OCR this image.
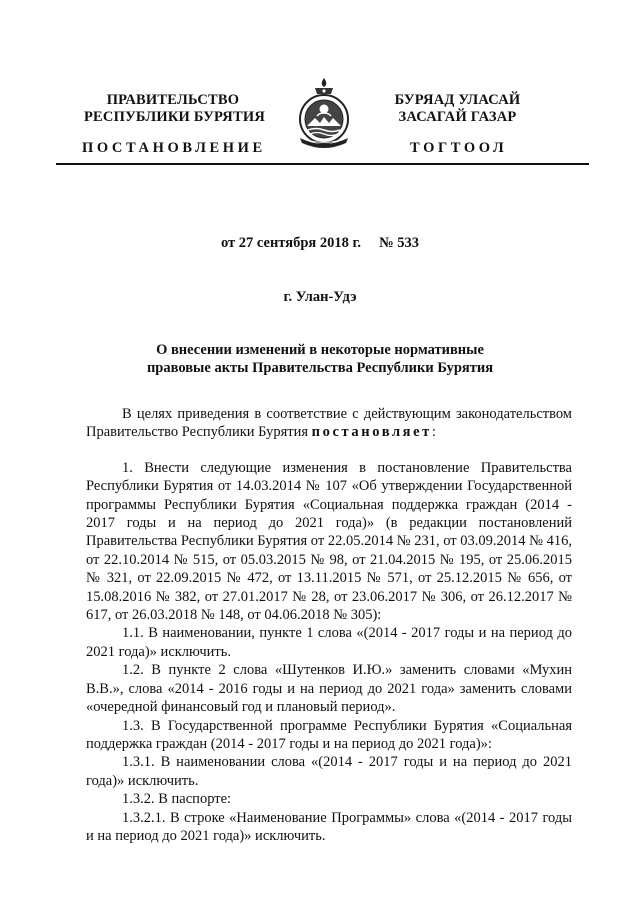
ПРАВИТЕЛЬСТВО
РЕСПУБЛИКИ БУРЯТИЯ
БУРЯАД УЛАСАЙ
ЗАСАГАЙ ГАЗАР
ПОСТАНОВЛЕНИЕ	ТОГТООЛ
от 27 сентября 2018 г. № 533
г. Улан-Удэ
О внесении изменений в некоторые нормативные
правовые акты Правительства Республики Бурятия

В целях приведения в соответствие с действующим законодательством Правительство Республики Бурятия постановляет:

1. Внести следующие изменения в постановление Правительства Республики Бурятия от 14.03.2014 № 107 «Об утверждении Государственной программы Республики Бурятия «Социальная поддержка граждан (2014 - 2017 годы и на период до 2021 года)» (в редакции постановлений Правительства Республики Бурятия от 22.05.2014 № 231, от 03.09.2014 № 416, от 22.10.2014 № 515, от 05.03.2015 № 98, от 21.04.2015 № 195, от 25.06.2015 № 321, от 22.09.2015 № 472, от 13.11.2015 № 571, от 25.12.2015 № 656, от 15.08.2016 № 382, от 27.01.2017 № 28, от 23.06.2017 № 306, от 26.12.2017 № 617, от 26.03.2018 № 148, от 04.06.2018 № 305):

1.1. В наименовании, пункте 1 слова «(2014 - 2017 годы и на период до 2021 года)» исключить.

1.2. В пункте 2 слова «Шутенков И.Ю.» заменить словами «Мухин В.В.», слова «2014 - 2016 годы и на период до 2021 года» заменить словами «очередной финансовый год и плановый период».

1.3. В Государственной программе Республики Бурятия «Социальная поддержка граждан (2014 - 2017 годы и на период до 2021 года)»:

1.3.1. В наименовании слова «(2014 - 2017 годы и на период до 2021 года)» исключить.

1.3.2. В паспорте:

1.3.2.1. В строке «Наименование Программы» слова «(2014 - 2017 годы и на период до 2021 года)» исключить.
